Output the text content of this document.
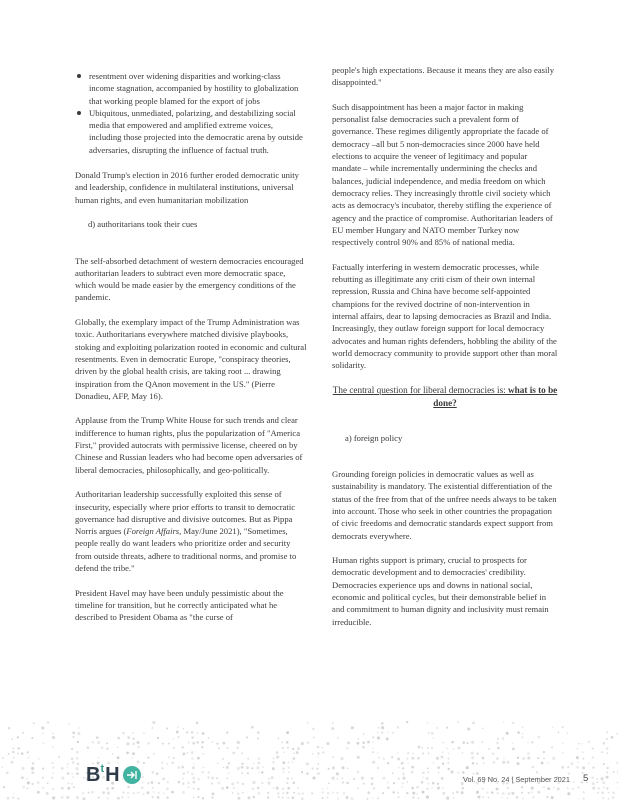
resentment over widening disparities and working-class income stagnation, accompanied by hostility to globalization that working people blamed for the export of jobs
Ubiquitous, unmediated, polarizing, and destabilizing social media that empowered and amplified extreme voices, including those projected into the democratic arena by outside adversaries, disrupting the influence of factual truth.

Donald Trump's election in 2016 further eroded democratic unity and leadership, confidence in multilateral institutions, universal human rights, and even humanitarian mobilization

d) authoritarians took their cues

The self-absorbed detachment of western democracies encouraged authoritarian leaders to subtract even more democratic space, which would be made easier by the emergency conditions of the pandemic.

Globally, the exemplary impact of the Trump Administration was toxic. Authoritarians everywhere matched divisive playbooks, stoking and exploiting polarization rooted in economic and cultural resentments. Even in democratic Europe, "conspiracy theories, driven by the global health crisis, are taking root ... drawing inspiration from the QAnon movement in the US." (Pierre Donadieu, AFP, May 16).

Applause from the Trump White House for such trends and clear indifference to human rights, plus the popularization of "America First," provided autocrats with permissive license, cheered on by Chinese and Russian leaders who had become open adversaries of liberal democracies, philosophically, and geo-politically.

Authoritarian leadership successfully exploited this sense of insecurity, especially where prior efforts to transit to democratic governance had disruptive and divisive outcomes. But as Pippa Norris argues (Foreign Affairs, May/June 2021), "Sometimes, people really do want leaders who prioritize order and security from outside threats, adhere to traditional norms, and promise to defend the tribe."

President Havel may have been unduly pessimistic about the timeline for transition, but he correctly anticipated what he described to President Obama as "the curse of

people's high expectations. Because it means they are also easily disappointed."

Such disappointment has been a major factor in making personalist false democracies such a prevalent form of governance. These regimes diligently appropriate the facade of democracy –all but 5 non-democracies since 2000 have held elections to acquire the veneer of legitimacy and popular mandate – while incrementally undermining the checks and balances, judicial independence, and media freedom on which democracy relies. They increasingly throttle civil society which acts as democracy's incubator, thereby stifling the experience of agency and the practice of compromise. Authoritarian leaders of EU member Hungary and NATO member Turkey now respectively control 90% and 85% of national media.

Factually interfering in western democratic processes, while rebutting as illegitimate any criti cism of their own internal repression, Russia and China have become self-appointed champions for the revived doctrine of non-intervention in internal affairs, dear to lapsing democracies as Brazil and India. Increasingly, they outlaw foreign support for local democracy advocates and human rights defenders, hobbling the ability of the world democracy community to provide support other than moral solidarity.

The central question for liberal democracies is: what is to be done?

a) foreign policy

Grounding foreign policies in democratic values as well as sustainability is mandatory. The existential differentiation of the status of the free from that of the unfree needs always to be taken into account. Those who seek in other countries the propagation of civic freedoms and democratic standards expect support from democrats everywhere.

Human rights support is primary, crucial to prospects for democratic development and to democracies' credibility. Democracies experience ups and downs in national social, economic and political cycles, but their demonstrable belief in and commitment to human dignity and inclusivity must remain irreducible.

B t H	Vol. 69 No. 24 | September 2021 5
